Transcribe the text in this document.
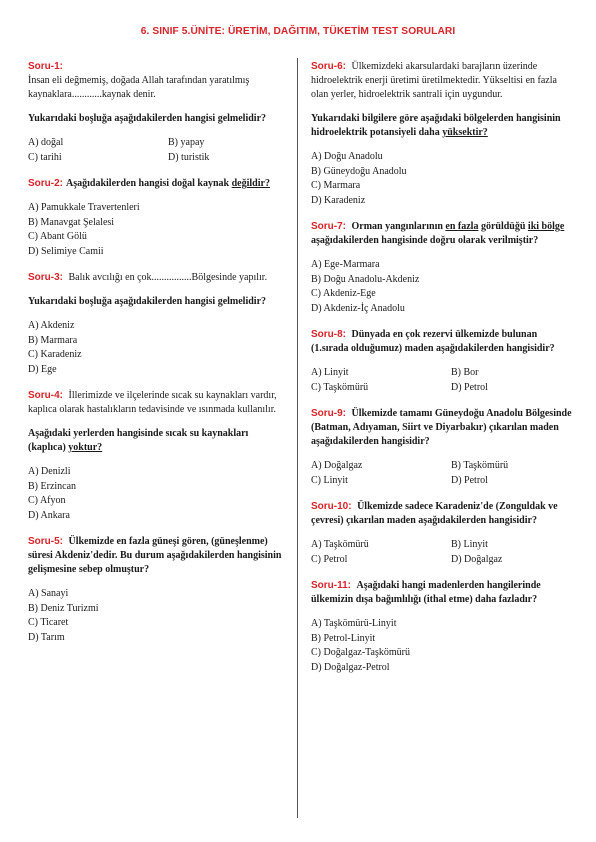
6. SINIF 5.ÜNİTE: ÜRETİM, DAĞITIM, TÜKETİM TEST SORULARI

Soru-1:

İnsan eli değmemiş, doğada Allah tarafından yaratılmış kaynaklara............kaynak denir.

Yukarıdaki boşluğa aşağıdakilerden hangisi gelmelidir?

A) doğal	B) yapay
C) tarihi	D) turistik

Soru-2: Aşağıdakilerden hangisi doğal kaynak değildir?

A) Pamukkale Travertenleri
B) Manavgat Şelalesi
C) Abant Gölü
D) Selimiye Camii

Soru-3: Balık avcılığı en çok................Bölgesinde yapılır.

Yukarıdaki boşluğa aşağıdakilerden hangisi gelmelidir?

A) Akdeniz
B) Marmara
C) Karadeniz
D) Ege

Soru-4: İllerimizde ve ilçelerinde sıcak su kaynakları vardır, kaplıca olarak hastalıkların tedavisinde ve ısınmada kullanılır.

Aşağıdaki yerlerden hangisinde sıcak su kaynakları (kaplıca) yoktur?

A) Denizli
B) Erzincan
C) Afyon
D) Ankara

Soru-5: Ülkemizde en fazla güneşi gören, (güneşlenme) süresi Akdeniz'dedir. Bu durum aşağıdakilerden hangisinin gelişmesine sebep olmuştur?

A) Sanayi
B) Deniz Turizmi
C) Ticaret
D) Tarım

Soru-6: Ülkemizdeki akarsulardaki barajların üzerinde hidroelektrik enerji üretimi üretilmektedir. Yükseltisi en fazla olan yerler, hidroelektrik santrali için uygundur.

Yukarıdaki bilgilere göre aşağıdaki bölgelerden hangisinin hidroelektrik potansiyeli daha yüksektir?

A) Doğu Anadolu
B) Güneydoğu Anadolu
C) Marmara
D) Karadeniz

Soru-7: Orman yangınlarının en fazla görüldüğü iki bölge aşağıdakilerden hangisinde doğru olarak verilmiştir?

A) Ege-Marmara
B) Doğu Anadolu-Akdeniz
C) Akdeniz-Ege
D) Akdeniz-İç Anadolu

Soru-8: Dünyada en çok rezervi ülkemizde bulunan (1.sırada olduğumuz) maden aşağıdakilerden hangisidir?

A) Linyit	B) Bor
C) Taşkömürü	D) Petrol

Soru-9: Ülkemizde tamamı Güneydoğu Anadolu Bölgesinde (Batman, Adıyaman, Siirt ve Diyarbakır) çıkarılan maden aşağıdakilerden hangisidir?

A) Doğalgaz	B) Taşkömürü
C) Linyit	D) Petrol

Soru-10: Ülkemizde sadece Karadeniz'de (Zonguldak ve çevresi) çıkarılan maden aşağıdakilerden hangisidir?

A) Taşkömürü	B) Linyit
C) Petrol	D) Doğalgaz

Soru-11: Aşağıdaki hangi madenlerden hangilerinde ülkemizin dışa bağımlılığı (ithal etme) daha fazladır?

A) Taşkömürü-Linyit
B) Petrol-Linyit
C) Doğalgaz-Taşkömürü
D) Doğalgaz-Petrol
